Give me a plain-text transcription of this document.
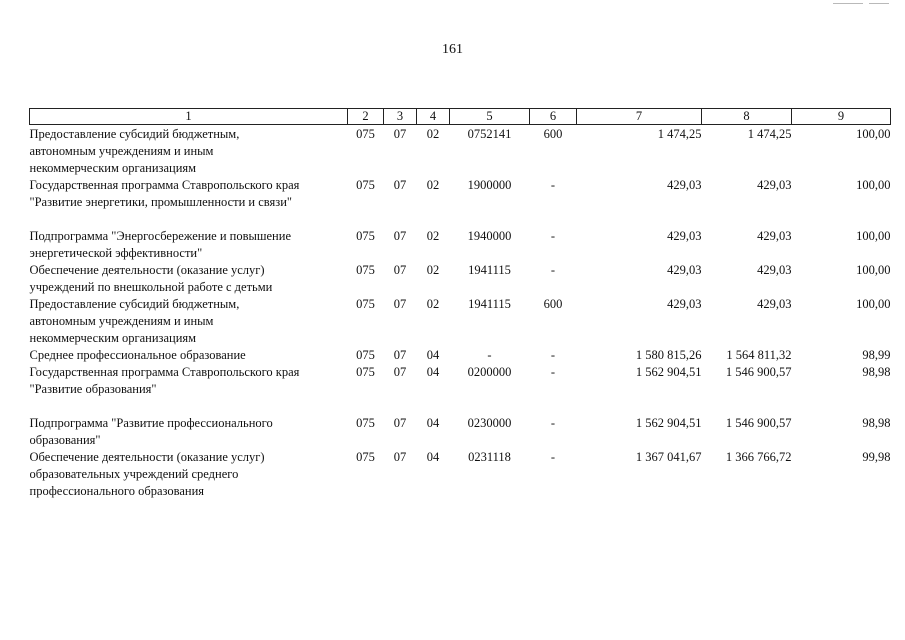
161
1	2	3	4	5	6	7	8	9
Предоставление субсидий бюджетным,
автономным учреждениям и иным
некоммерческим организациям	075	07	02	0752141	600	1 474,25	1 474,25	100,00
Государственная программа Ставропольского края
"Развитие энергетики, промышленности и связи"	075	07	02	1900000	-	429,03	429,03	100,00
Подпрограмма "Энергосбережение и повышение
энергетической эффективности"	075	07	02	1940000	-	429,03	429,03	100,00
Обеспечение деятельности (оказание услуг)
учреждений по внешкольной работе с детьми	075	07	02	1941115	-	429,03	429,03	100,00
Предоставление субсидий бюджетным,
автономным учреждениям и иным
некоммерческим организациям	075	07	02	1941115	600	429,03	429,03	100,00
Среднее профессиональное образование	075	07	04	-	-	1 580 815,26	1 564 811,32	98,99
Государственная программа Ставропольского края
"Развитие образования"	075	07	04	0200000	-	1 562 904,51	1 546 900,57	98,98
Подпрограмма "Развитие профессионального
образования"	075	07	04	0230000	-	1 562 904,51	1 546 900,57	98,98
Обеспечение деятельности (оказание услуг)
образовательных учреждений среднего
профессионального образования	075	07	04	0231118	-	1 367 041,67	1 366 766,72	99,98
